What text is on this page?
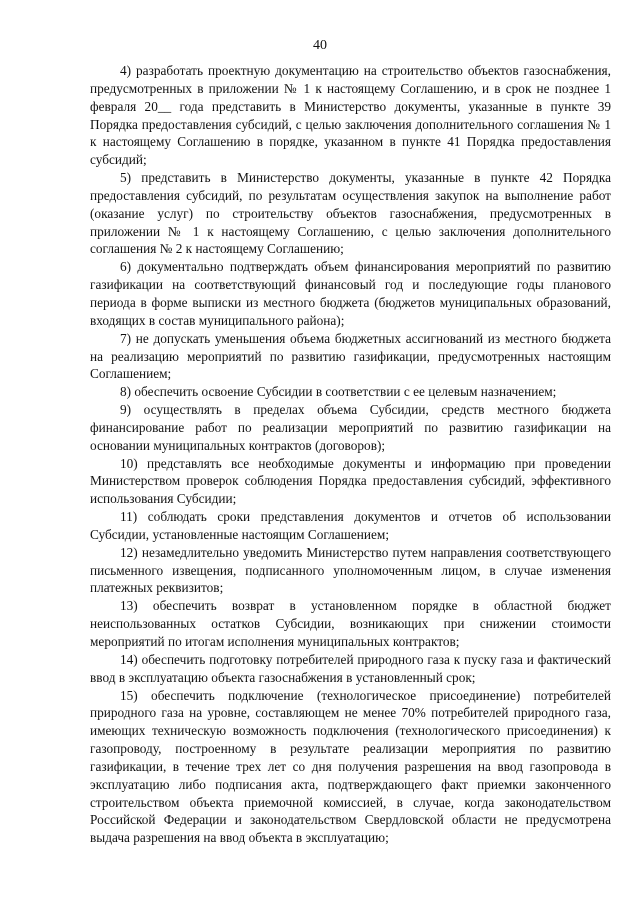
40

4) разработать проектную документацию на строительство объектов газоснабжения, предусмотренных в приложении № 1 к настоящему Соглашению, и в срок не позднее 1 февраля 20__ года представить в Министерство документы, указанные в пункте 39 Порядка предоставления субсидий, с целью заключения дополнительного соглашения № 1 к настоящему Соглашению в порядке, указанном в пункте 41 Порядка предоставления субсидий;

5) представить в Министерство документы, указанные в пункте 42 Порядка предоставления субсидий, по результатам осуществления закупок на выполнение работ (оказание услуг) по строительству объектов газоснабжения, предусмотренных в приложении № 1 к настоящему Соглашению, с целью заключения дополнительного соглашения № 2 к настоящему Соглашению;

6) документально подтверждать объем финансирования мероприятий по развитию газификации на соответствующий финансовый год и последующие годы планового периода в форме выписки из местного бюджета (бюджетов муниципальных образований, входящих в состав муниципального района);

7) не допускать уменьшения объема бюджетных ассигнований из местного бюджета на реализацию мероприятий по развитию газификации, предусмотренных настоящим Соглашением;

8) обеспечить освоение Субсидии в соответствии с ее целевым назначением;

9) осуществлять в пределах объема Субсидии, средств местного бюджета финансирование работ по реализации мероприятий по развитию газификации на основании муниципальных контрактов (договоров);

10) представлять все необходимые документы и информацию при проведении Министерством проверок соблюдения Порядка предоставления субсидий, эффективного использования Субсидии;

11) соблюдать сроки представления документов и отчетов об использовании Субсидии, установленные настоящим Соглашением;

12) незамедлительно уведомить Министерство путем направления соответствующего письменного извещения, подписанного уполномоченным лицом, в случае изменения платежных реквизитов;

13) обеспечить возврат в установленном порядке в областной бюджет неиспользованных остатков Субсидии, возникающих при снижении стоимости мероприятий по итогам исполнения муниципальных контрактов;

14) обеспечить подготовку потребителей природного газа к пуску газа и фактический ввод в эксплуатацию объекта газоснабжения в установленный срок;

15) обеспечить подключение (технологическое присоединение) потребителей природного газа на уровне, составляющем не менее 70% потребителей природного газа, имеющих техническую возможность подключения (технологического присоединения) к газопроводу, построенному в результате реализации мероприятия по развитию газификации, в течение трех лет со дня получения разрешения на ввод газопровода в эксплуатацию либо подписания акта, подтверждающего факт приемки законченного строительством объекта приемочной комиссией, в случае, когда законодательством Российской Федерации и законодательством Свердловской области не предусмотрена выдача разрешения на ввод объекта в эксплуатацию;
